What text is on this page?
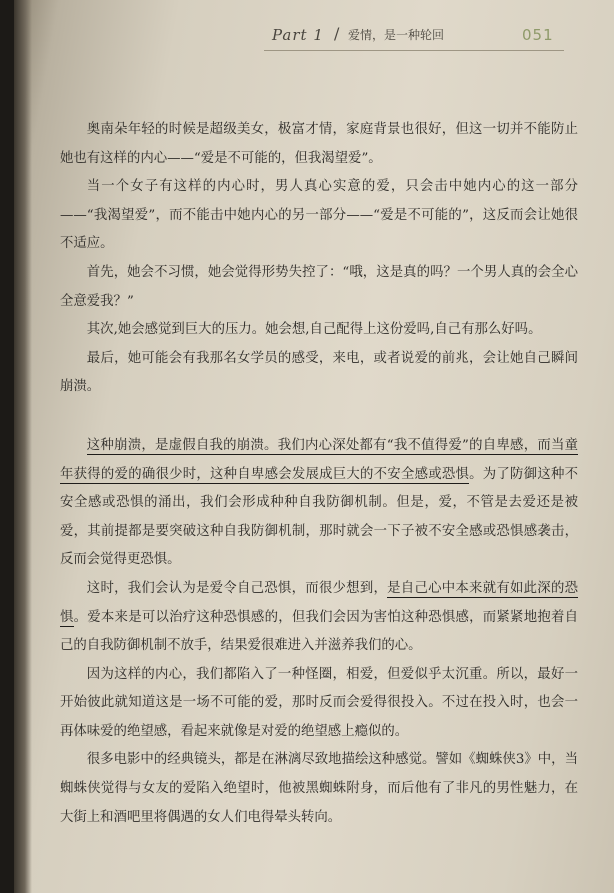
Part 1 / 爱情，是一种轮回	051

奥南朵年轻的时候是超级美女，极富才情，家庭背景也很好，但这一切并不能防止她也有这样的内心——“爱是不可能的，但我渴望爱”。

当一个女子有这样的内心时，男人真心实意的爱，只会击中她内心的这一部分——“我渴望爱”，而不能击中她内心的另一部分——“爱是不可能的”，这反而会让她很不适应。

首先，她会不习惯，她会觉得形势失控了：“哦，这是真的吗？一个男人真的会全心全意爱我？”

其次,她会感觉到巨大的压力。她会想,自己配得上这份爱吗,自己有那么好吗。

最后，她可能会有我那名女学员的感受，来电，或者说爱的前兆，会让她自己瞬间崩溃。

这种崩溃，是虚假自我的崩溃。我们内心深处都有“我不值得爱”的自卑感，而当童年获得的爱的确很少时，这种自卑感会发展成巨大的不安全感或恐惧。为了防御这种不安全感或恐惧的涌出，我们会形成种种自我防御机制。但是，爱，不管是去爱还是被爱，其前提都是要突破这种自我防御机制，那时就会一下子被不安全感或恐惧感袭击，反而会觉得更恐惧。

这时，我们会认为是爱令自己恐惧，而很少想到，是自己心中本来就有如此深的恐惧。爱本来是可以治疗这种恐惧感的，但我们会因为害怕这种恐惧感，而紧紧地抱着自己的自我防御机制不放手，结果爱很难进入并滋养我们的心。

因为这样的内心，我们都陷入了一种怪圈，相爱，但爱似乎太沉重。所以，最好一开始彼此就知道这是一场不可能的爱，那时反而会爱得很投入。不过在投入时，也会一再体味爱的绝望感，看起来就像是对爱的绝望感上瘾似的。

很多电影中的经典镜头，都是在淋漓尽致地描绘这种感觉。譬如《蜘蛛侠3》中，当蜘蛛侠觉得与女友的爱陷入绝望时，他被黑蜘蛛附身，而后他有了非凡的男性魅力，在大街上和酒吧里将偶遇的女人们电得晕头转向。
